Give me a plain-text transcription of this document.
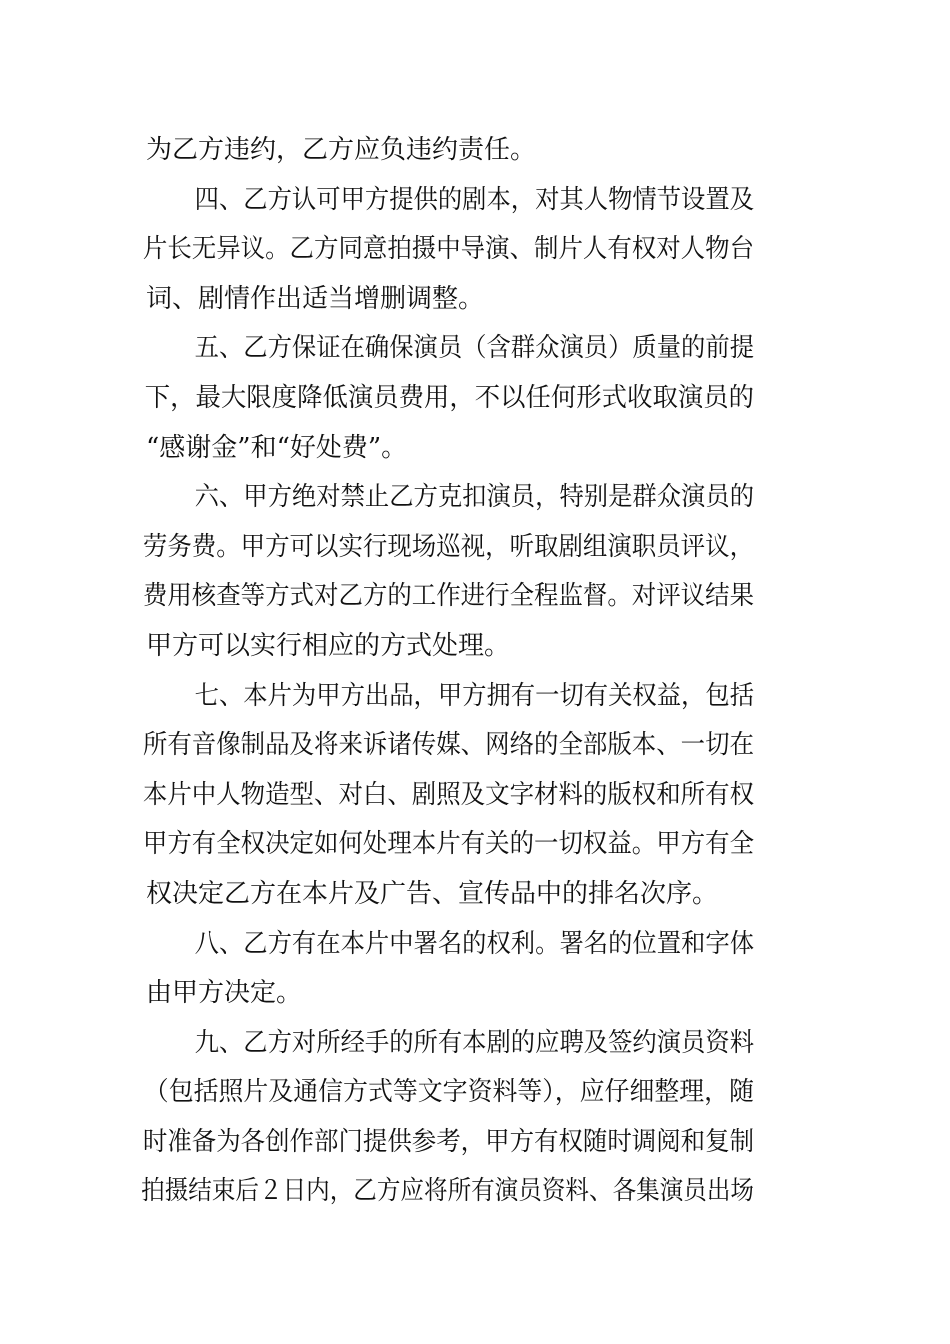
为乙方违约，乙方应负违约责任。

四、乙方认可甲方提供的剧本，对其人物情节设置及
片长无异议。乙方同意拍摄中导演、制片人有权对人物台
词、剧情作出适当增删调整。

五、乙方保证在确保演员（含群众演员）质量的前提
下，最大限度降低演员费用，不以任何形式收取演员的
“感谢金”和“好处费”。

六、甲方绝对禁止乙方克扣演员，特别是群众演员的
劳务费。甲方可以实行现场巡视，听取剧组演职员评议，
费用核查等方式对乙方的工作进行全程监督。对评议结果
甲方可以实行相应的方式处理。

七、本片为甲方出品，甲方拥有一切有关权益，包括
所有音像制品及将来诉诸传媒、网络的全部版本、一切在
本片中人物造型、对白、剧照及文字材料的版权和所有权
甲方有全权决定如何处理本片有关的一切权益。甲方有全
权决定乙方在本片及广告、宣传品中的排名次序。

八、乙方有在本片中署名的权利。署名的位置和字体
由甲方决定。

九、乙方对所经手的所有本剧的应聘及签约演员资料
（包括照片及通信方式等文字资料等），应仔细整理，随
时准备为各创作部门提供参考，甲方有权随时调阅和复制
拍摄结束后２日内，乙方应将所有演员资料、各集演员出场
